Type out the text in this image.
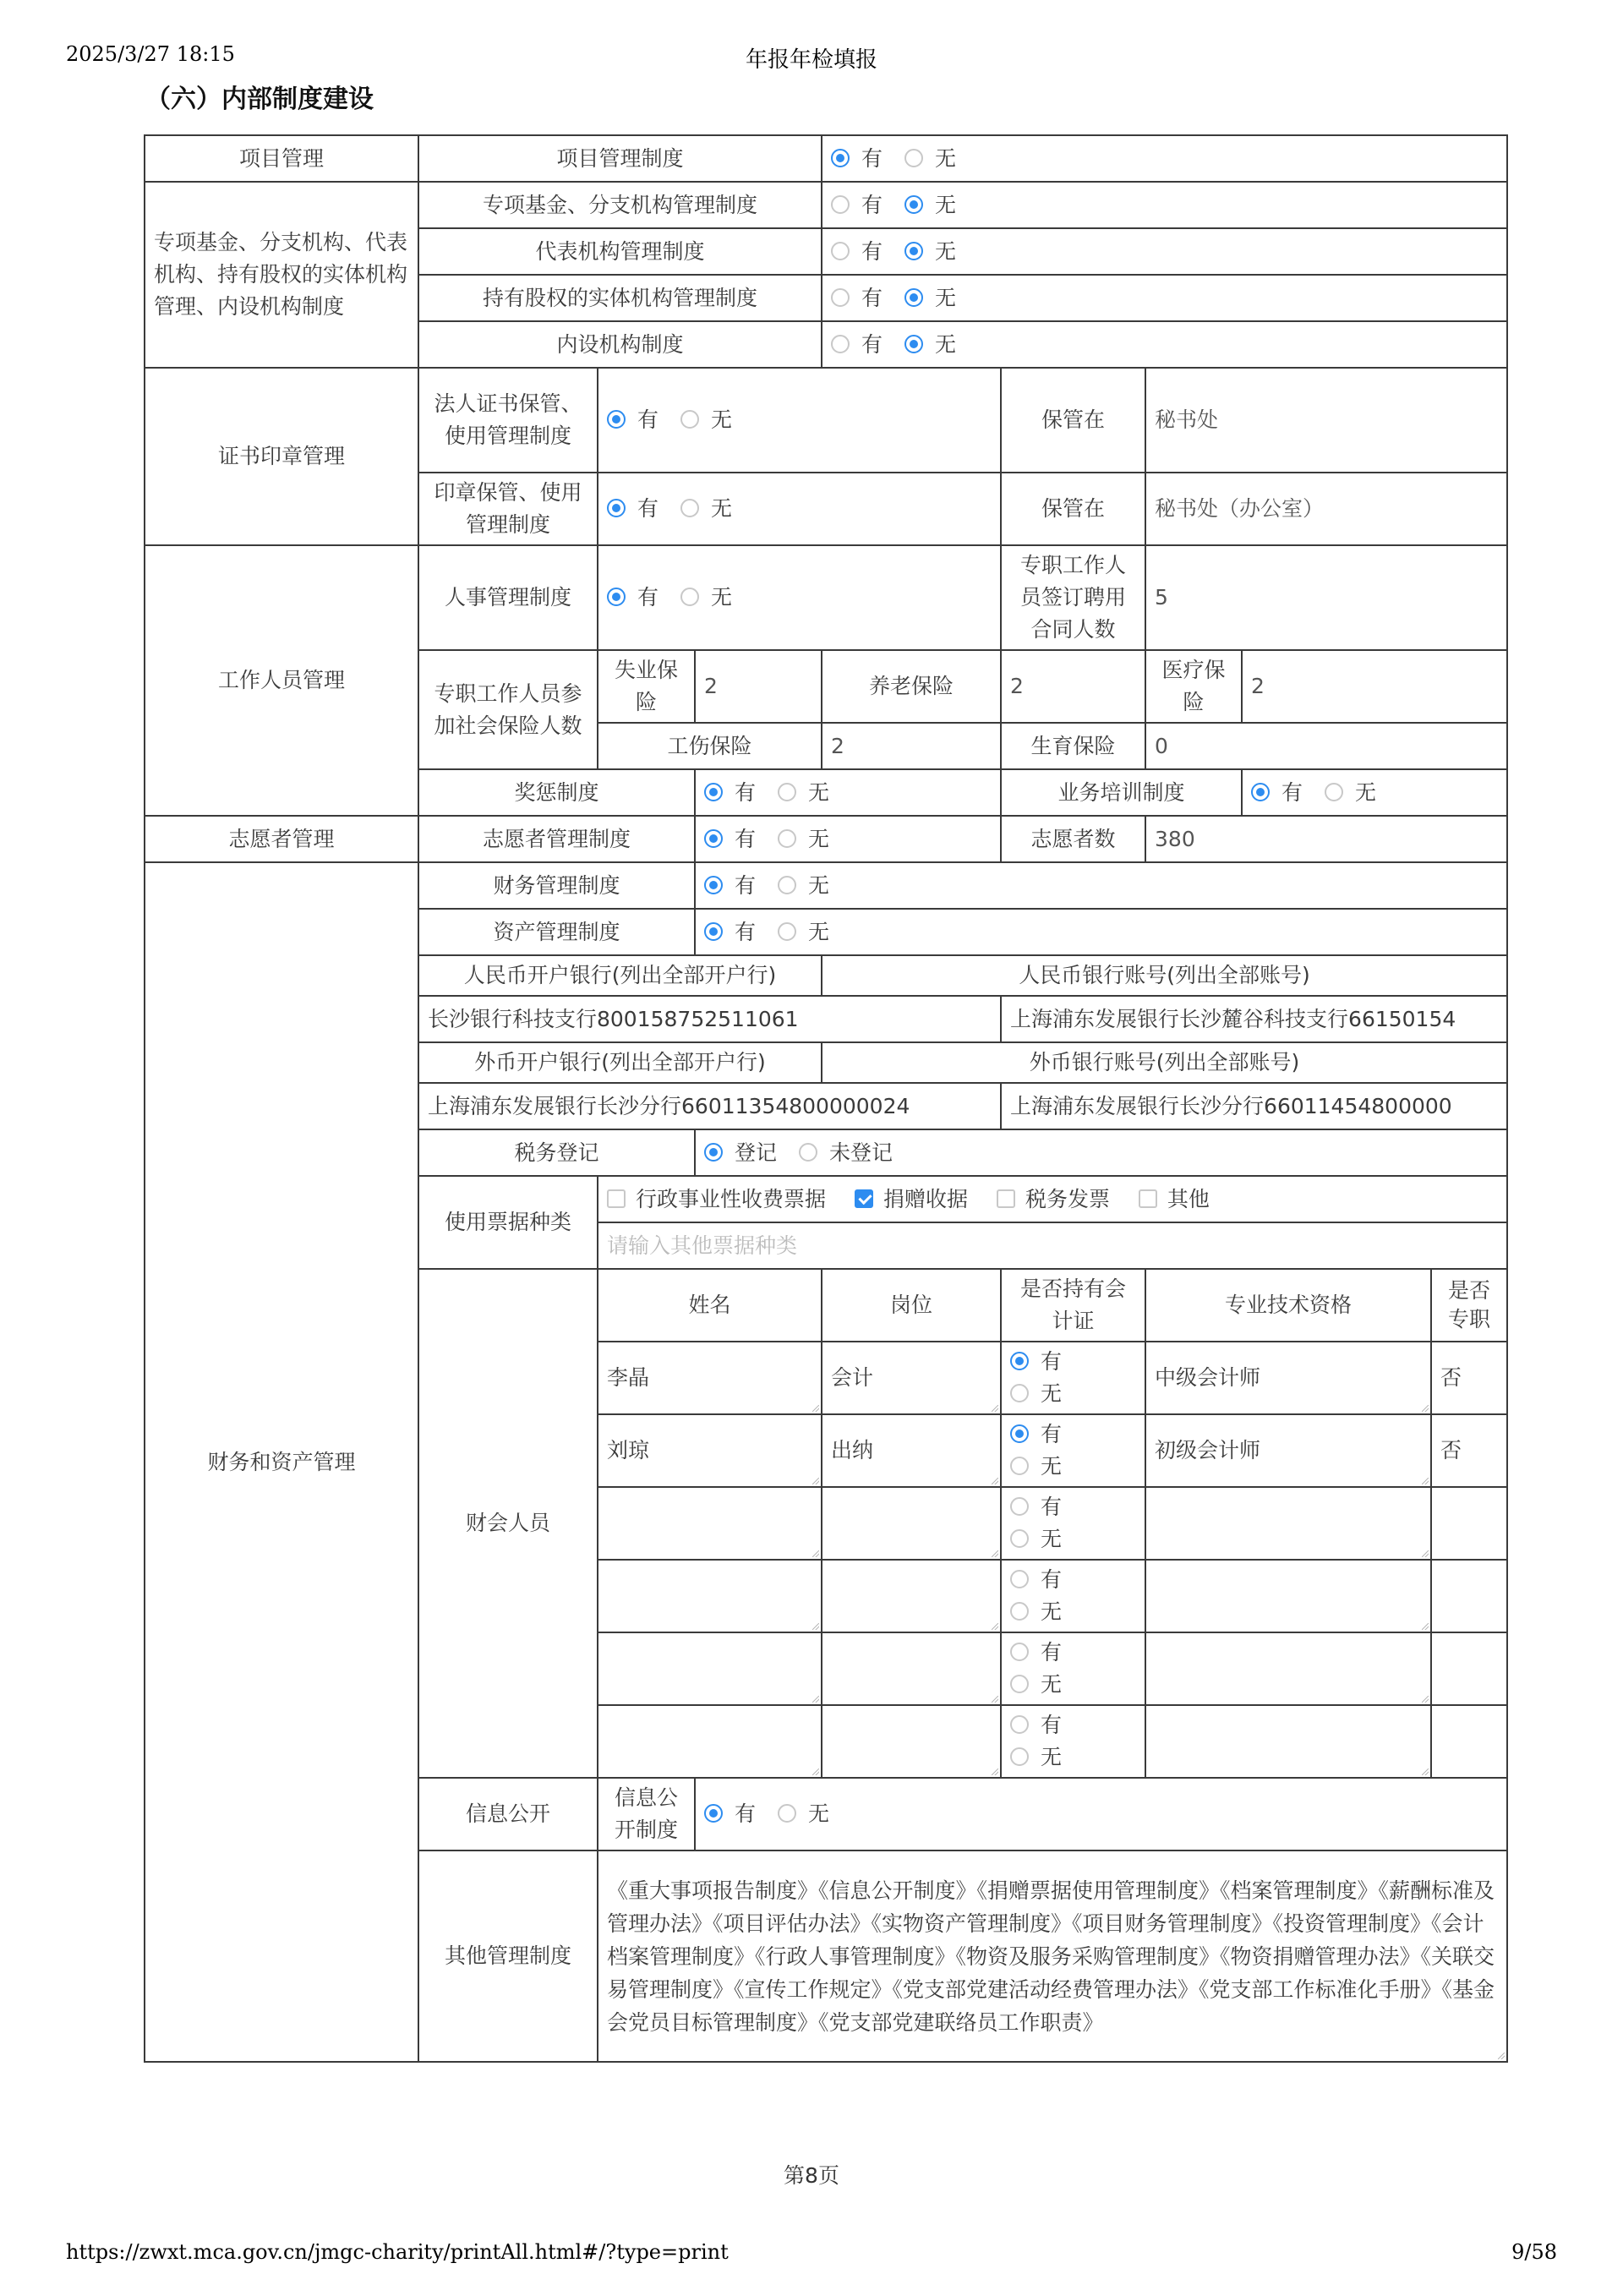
2025/3/27 18:15	年报年检填报
（六）内部制度建设
项目管理	项目管理制度			有 无				
专项基金、分支机构、代表机构、持有股权的实体机构管理、内设机构制度	专项基金、分支机构管理制度			有 无				
	代表机构管理制度			有 无				
	持有股权的实体机构管理制度			有 无				
	内设机构制度			有 无				
证书印章管理	法人证书保管、使用管理制度	有 无			保管在	秘书处		
	印章保管、使用管理制度	有 无			保管在	秘书处（办公室）		
工作人员管理	人事管理制度	有 无			专职工作人员签订聘用合同人数	5		
	专职工作人员参加社会保险人数	失业保险	2	养老保险	2	医疗保险	2	
		工伤保险		2	生育保险	0		
	奖惩制度		有 无		业务培训制度		有 无	
志愿者管理	志愿者管理制度		有 无		志愿者数	380		
财务和资产管理	财务管理制度		有 无					
	资产管理制度		有 无					
	人民币开户银行(列出全部开户行)			人民币银行账号(列出全部账号)				
	长沙银行科技支行800158752511061				上海浦东发展银行长沙麓谷科技支行66150154			
	外币开户银行(列出全部开户行)			外币银行账号(列出全部账号)				
	上海浦东发展银行长沙分行66011354800000024				上海浦东发展银行长沙分行66011454800000			
	税务登记		登记 未登记					
	使用票据种类	行政事业性收费票据 捐赠收据 税务发票 其他						
		请输入其他票据种类						
	财会人员	姓名		岗位	是否持有会计证	专业技术资格		是否专职
		李晶		会计	有无	中级会计师		否
		刘琼		出纳	有无	初级会计师		否
					有无			
					有无			
					有无			
					有无			
	信息公开	信息公开制度	有 无					
	其他管理制度	《重大事项报告制度》《信息公开制度》《捐赠票据使用管理制度》《档案管理制度》《薪酬标准及管理办法》《项目评估办法》《实物资产管理制度》《项目财务管理制度》《投资管理制度》《会计档案管理制度》《行政人事管理制度》《物资及服务采购管理制度》《物资捐赠管理办法》《关联交易管理制度》《宣传工作规定》《党支部党建活动经费管理办法》《党支部工作标准化手册》《基金会党员目标管理制度》《党支部党建联络员工作职责》						
第8页
https://zwxt.mca.gov.cn/jmgc-charity/printAll.html#/?type=print	9/58
